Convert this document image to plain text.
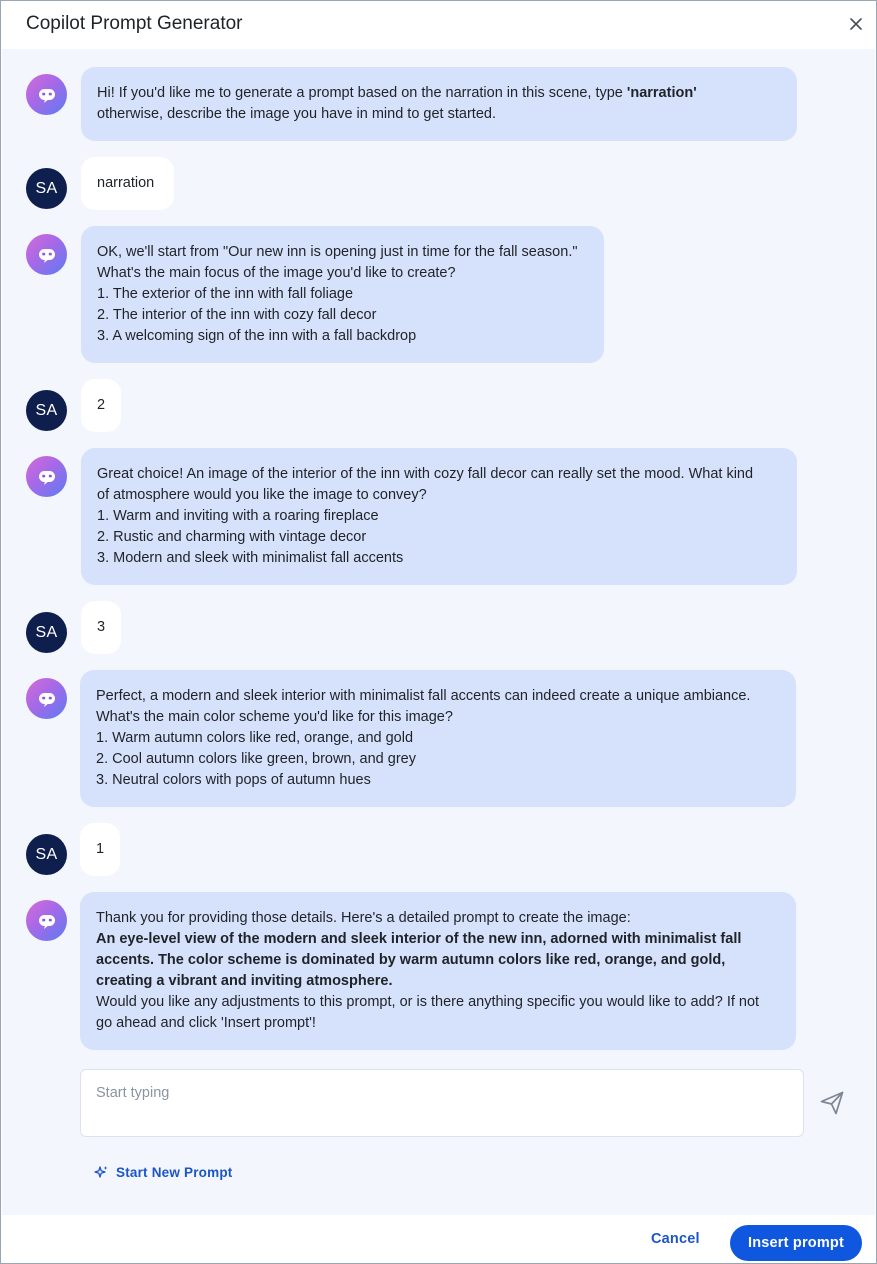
Copilot Prompt Generator
Hi! If you'd like me to generate a prompt based on the narration in this scene, type 'narration'
otherwise, describe the image you have in mind to get started.
SA	narration
OK, we'll start from "Our new inn is opening just in time for the fall season."
What's the main focus of the image you'd like to create?
1. The exterior of the inn with fall foliage
2. The interior of the inn with cozy fall decor
3. A welcoming sign of the inn with a fall backdrop
SA	2
Great choice! An image of the interior of the inn with cozy fall decor can really set the mood. What kind
of atmosphere would you like the image to convey?
1. Warm and inviting with a roaring fireplace
2. Rustic and charming with vintage decor
3. Modern and sleek with minimalist fall accents
SA	3
Perfect, a modern and sleek interior with minimalist fall accents can indeed create a unique ambiance.
What's the main color scheme you'd like for this image?
1. Warm autumn colors like red, orange, and gold
2. Cool autumn colors like green, brown, and grey
3. Neutral colors with pops of autumn hues
SA	1
Thank you for providing those details. Here's a detailed prompt to create the image:
An eye-level view of the modern and sleek interior of the new inn, adorned with minimalist fall
accents. The color scheme is dominated by warm autumn colors like red, orange, and gold,
creating a vibrant and inviting atmosphere.
Would you like any adjustments to this prompt, or is there anything specific you would like to add? If not
go ahead and click 'Insert prompt'!
Start typing
Start New Prompt
Cancel	Insert prompt
